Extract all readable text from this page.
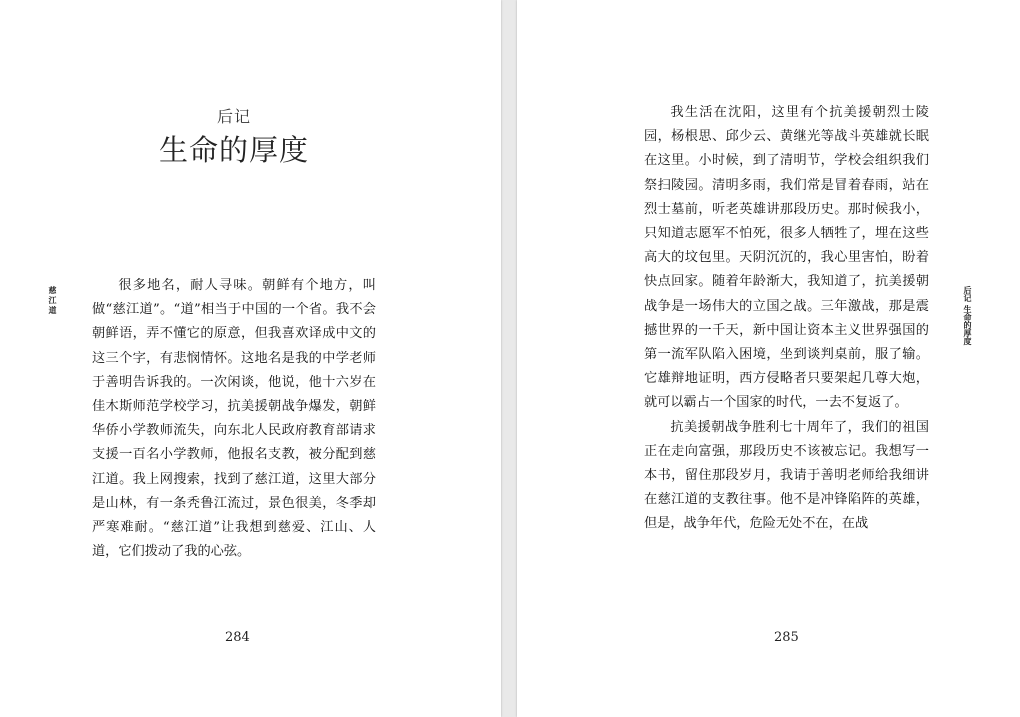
后记
生命的厚度
慈江道

很多地名，耐人寻味。朝鲜有个地方，叫做“慈江道”。“道”相当于中国的一个省。我不会朝鲜语，弄不懂它的原意，但我喜欢译成中文的这三个字，有悲悯情怀。这地名是我的中学老师于善明告诉我的。一次闲谈，他说，他十六岁在佳木斯师范学校学习，抗美援朝战争爆发，朝鲜华侨小学教师流失，向东北人民政府教育部请求支援一百名小学教师，他报名支教，被分配到慈江道。我上网搜索，找到了慈江道，这里大部分是山林，有一条秃鲁江流过，景色很美，冬季却严寒难耐。“慈江道”让我想到慈爱、江山、人道，它们拨动了我的心弦。

284

我生活在沈阳，这里有个抗美援朝烈士陵园，杨根思、邱少云、黄继光等战斗英雄就长眠在这里。小时候，到了清明节，学校会组织我们祭扫陵园。清明多雨，我们常是冒着春雨，站在烈士墓前，听老英雄讲那段历史。那时候我小，只知道志愿军不怕死，很多人牺牲了，埋在这些高大的坟包里。天阴沉沉的，我心里害怕，盼着快点回家。随着年龄渐大，我知道了，抗美援朝战争是一场伟大的立国之战。三年激战，那是震撼世界的一千天，新中国让资本主义世界强国的第一流军队陷入困境，坐到谈判桌前，服了输。它雄辩地证明，西方侵略者只要架起几尊大炮，就可以霸占一个国家的时代，一去不复返了。

抗美援朝战争胜利七十周年了，我们的祖国正在走向富强，那段历史不该被忘记。我想写一本书，留住那段岁月，我请于善明老师给我细讲在慈江道的支教往事。他不是冲锋陷阵的英雄，但是，战争年代，危险无处不在，在战

285
后记 生命的厚度
